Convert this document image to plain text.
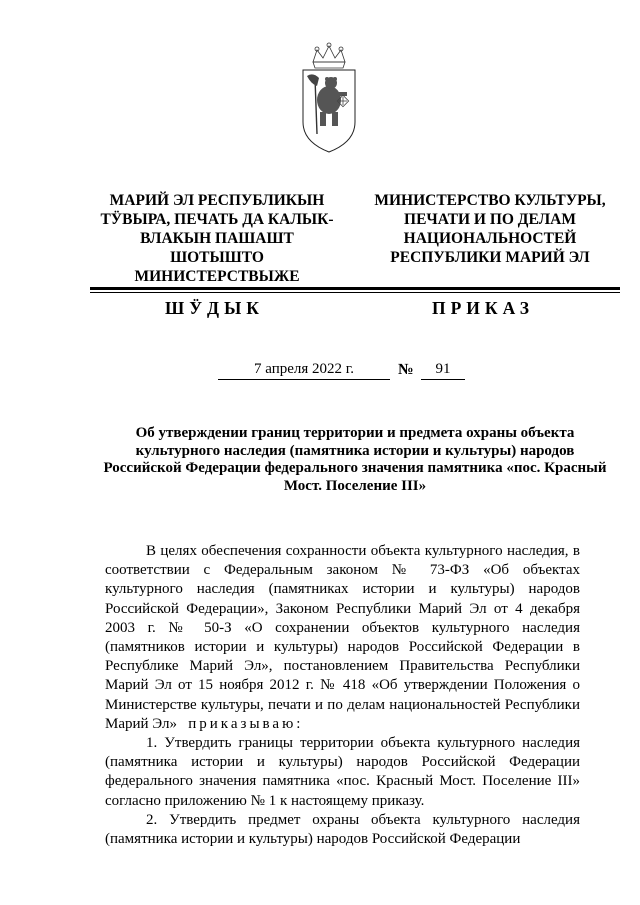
МАРИЙ ЭЛ РЕСПУБЛИКЫН
ТӰВЫРА, ПЕЧАТЬ ДА КАЛЫК-
ВЛАКЫН ПАШАШТ ШОТЫШТО
МИНИСТЕРСТВЫЖЕ
МИНИСТЕРСТВО КУЛЬТУРЫ,
ПЕЧАТИ И ПО ДЕЛАМ
НАЦИОНАЛЬНОСТЕЙ
РЕСПУБЛИКИ МАРИЙ ЭЛ
ШӰДЫК	ПРИКАЗ
7 апреля 2022 г.	№	91
Об утверждении границ территории и предмета охраны объекта культурного наследия (памятника истории и культуры) народов Российской Федерации федерального значения памятника «пос. Красный Мост. Поселение III»

В целях обеспечения сохранности объекта культурного наследия, в соответствии с Федеральным законом № 73-ФЗ «Об объектах культурного наследия (памятниках истории и культуры) народов Российской Федерации», Законом Республики Марий Эл от 4 декабря 2003 г. № 50-З «О сохранении объектов культурного наследия (памятников истории и культуры) народов Российской Федерации в Республике Марий Эл», постановлением Правительства Республики Марий Эл от 15 ноября 2012 г. № 418 «Об утверждении Положения о Министерстве культуры, печати и по делам национальностей Республики Марий Эл» приказываю:

1. Утвердить границы территории объекта культурного наследия (памятника истории и культуры) народов Российской Федерации федерального значения памятника «пос. Красный Мост. Поселение III» согласно приложению № 1 к настоящему приказу.

2. Утвердить предмет охраны объекта культурного наследия (памятника истории и культуры) народов Российской Федерации
